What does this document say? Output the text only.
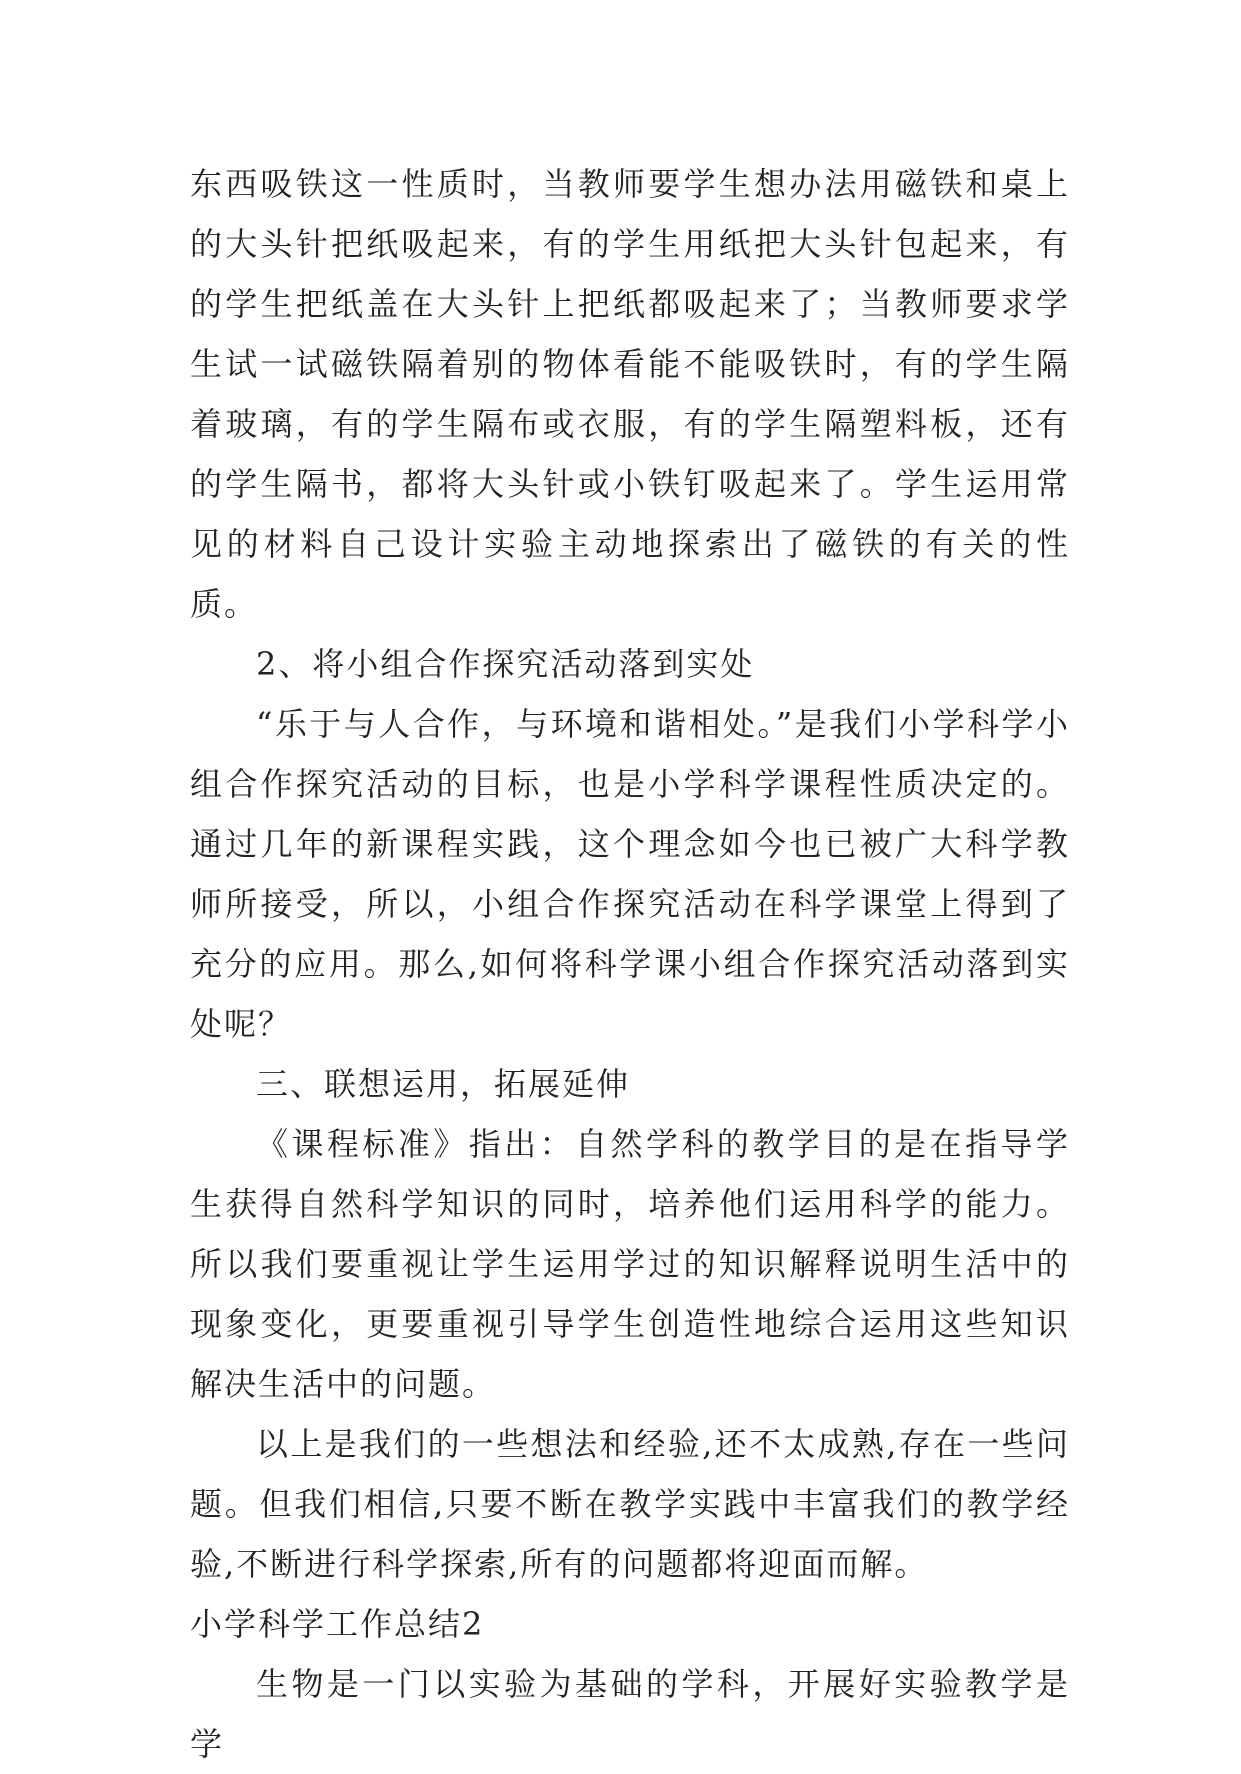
东西吸铁这一性质时，当教师要学生想办法用磁铁和桌上的大头针把纸吸起来，有的学生用纸把大头针包起来，有的学生把纸盖在大头针上把纸都吸起来了；当教师要求学生试一试磁铁隔着别的物体看能不能吸铁时，有的学生隔着玻璃，有的学生隔布或衣服，有的学生隔塑料板，还有的学生隔书，都将大头针或小铁钉吸起来了。学生运用常见的材料自己设计实验主动地探索出了磁铁的有关的性质。

2、将小组合作探究活动落到实处

“乐于与人合作，与环境和谐相处。”是我们小学科学小组合作探究活动的目标，也是小学科学课程性质决定的。通过几年的新课程实践，这个理念如今也已被广大科学教师所接受，所以，小组合作探究活动在科学课堂上得到了充分的应用。那么,如何将科学课小组合作探究活动落到实处呢？

三、联想运用，拓展延伸

《课程标准》指出：自然学科的教学目的是在指导学生获得自然科学知识的同时，培养他们运用科学的能力。所以我们要重视让学生运用学过的知识解释说明生活中的现象变化，更要重视引导学生创造性地综合运用这些知识解决生活中的问题。

以上是我们的一些想法和经验,还不太成熟,存在一些问题。但我们相信,只要不断在教学实践中丰富我们的教学经验,不断进行科学探索,所有的问题都将迎面而解。

小学科学工作总结2

生物是一门以实验为基础的学科，开展好实验教学是学
